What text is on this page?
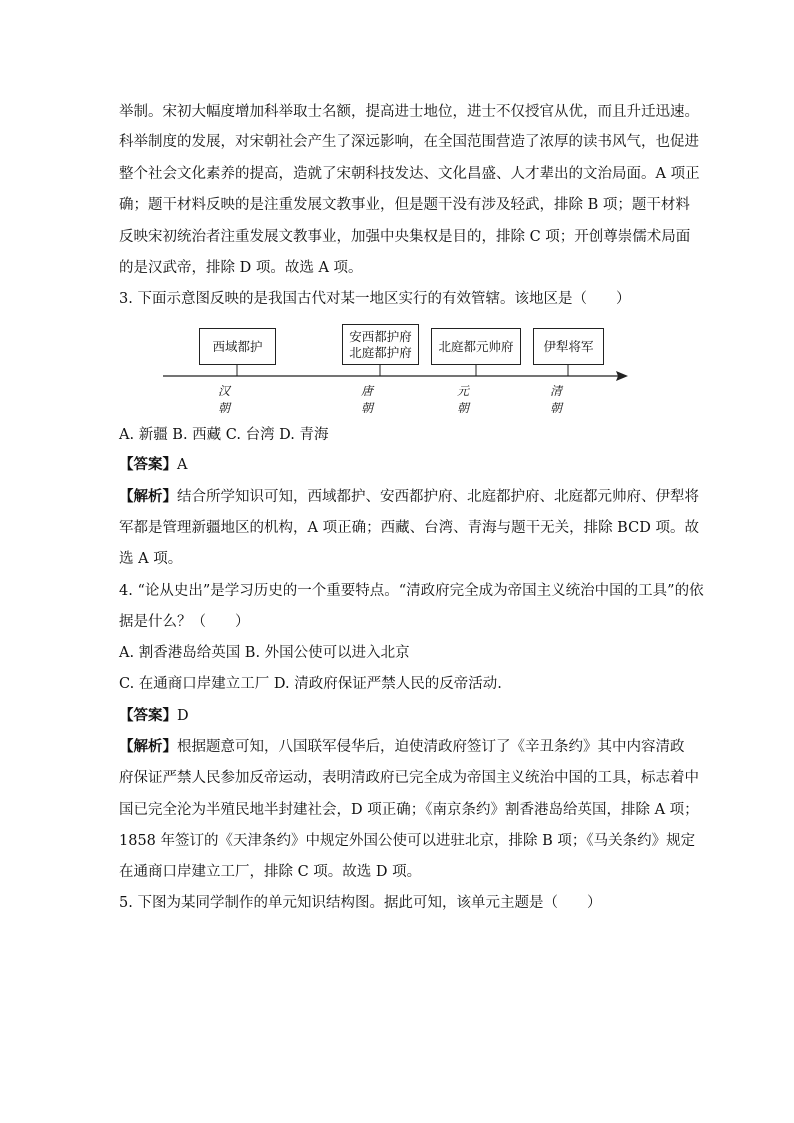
举制。宋初大幅度增加科举取士名额，提高进士地位，进士不仅授官从优，而且升迁迅速。
科举制度的发展，对宋朝社会产生了深远影响，在全国范围营造了浓厚的读书风气，也促进
整个社会文化素养的提高，造就了宋朝科技发达、文化昌盛、人才辈出的文治局面。A 项正
确；题干材料反映的是注重发展文教事业，但是题干没有涉及轻武，排除 B 项；题干材料
反映宋初统治者注重发展文教事业，加强中央集权是目的，排除 C 项；开创尊崇儒术局面
的是汉武帝，排除 D 项。故选 A 项。
3. 下面示意图反映的是我国古代对某一地区实行的有效管辖。该地区是（　　）
西域都护
安西都护府
北庭都护府 北庭都元帅府 伊犁将军
汉 朝
唐 朝
元 朝
清 朝
A. 新疆 B. 西藏 C. 台湾 D. 青海
【答案】A
【解析】结合所学知识可知，西域都护、安西都护府、北庭都护府、北庭都元帅府、伊犁将
军都是管理新疆地区的机构，A 项正确；西藏、台湾、青海与题干无关，排除 BCD 项。故
选 A 项。
4. “论从史出”是学习历史的一个重要特点。“清政府完全成为帝国主义统治中国的工具”的依
据是什么？（　　）
A. 割香港岛给英国 B. 外国公使可以进入北京
C. 在通商口岸建立工厂 D. 清政府保证严禁人民的反帝活动.
【答案】D
【解析】根据题意可知，八国联军侵华后，迫使清政府签订了《辛丑条约》其中内容清政
府保证严禁人民参加反帝运动，表明清政府已完全成为帝国主义统治中国的工具，标志着中
国已完全沦为半殖民地半封建社会，D 项正确；《南京条约》割香港岛给英国，排除 A 项；
1858 年签订的《天津条约》中规定外国公使可以进驻北京，排除 B 项；《马关条约》规定
在通商口岸建立工厂，排除 C 项。故选 D 项。
5. 下图为某同学制作的单元知识结构图。据此可知，该单元主题是（　　）
